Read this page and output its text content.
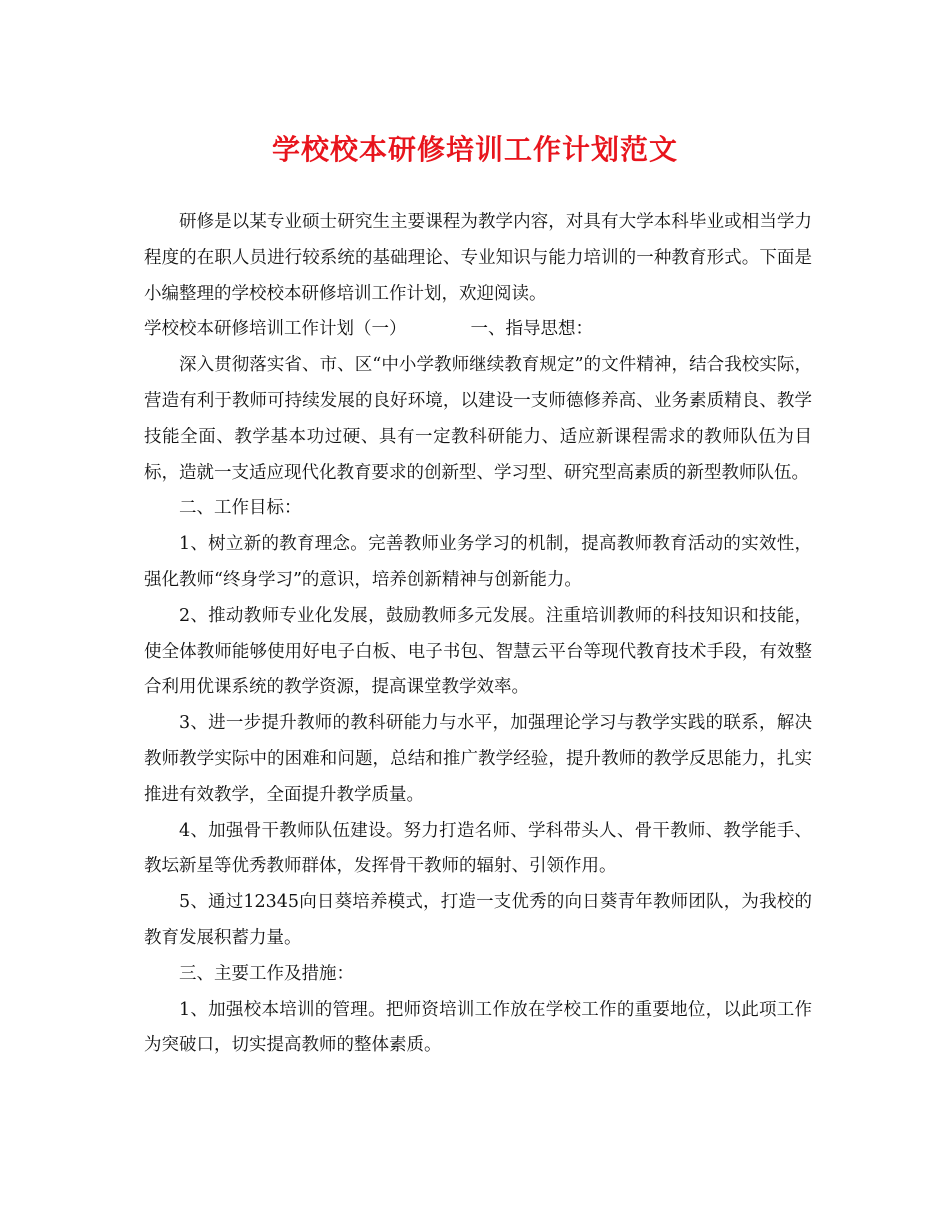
学校校本研修培训工作计划范文

研修是以某专业硕士研究生主要课程为教学内容，对具有大学本科毕业或相当学力程度的在职人员进行较系统的基础理论、专业知识与能力培训的一种教育形式。下面是小编整理的学校校本研修培训工作计划，欢迎阅读。

学校校本研修培训工作计划（一）	一、指导思想：

深入贯彻落实省、市、区“中小学教师继续教育规定”的文件精神，结合我校实际，营造有利于教师可持续发展的良好环境，以建设一支师德修养高、业务素质精良、教学技能全面、教学基本功过硬、具有一定教科研能力、适应新课程需求的教师队伍为目标，造就一支适应现代化教育要求的创新型、学习型、研究型高素质的新型教师队伍。

二、工作目标：

1、树立新的教育理念。完善教师业务学习的机制，提高教师教育活动的实效性，强化教师“终身学习”的意识，培养创新精神与创新能力。

2、推动教师专业化发展，鼓励教师多元发展。注重培训教师的科技知识和技能，使全体教师能够使用好电子白板、电子书包、智慧云平台等现代教育技术手段，有效整合利用优课系统的教学资源，提高课堂教学效率。

3、进一步提升教师的教科研能力与水平，加强理论学习与教学实践的联系，解决教师教学实际中的困难和问题，总结和推广教学经验，提升教师的教学反思能力，扎实推进有效教学，全面提升教学质量。

4、加强骨干教师队伍建设。努力打造名师、学科带头人、骨干教师、教学能手、教坛新星等优秀教师群体，发挥骨干教师的辐射、引领作用。

5、通过12345向日葵培养模式，打造一支优秀的向日葵青年教师团队，为我校的教育发展积蓄力量。

三、主要工作及措施：

1、加强校本培训的管理。把师资培训工作放在学校工作的重要地位，以此项工作为突破口，切实提高教师的整体素质。
